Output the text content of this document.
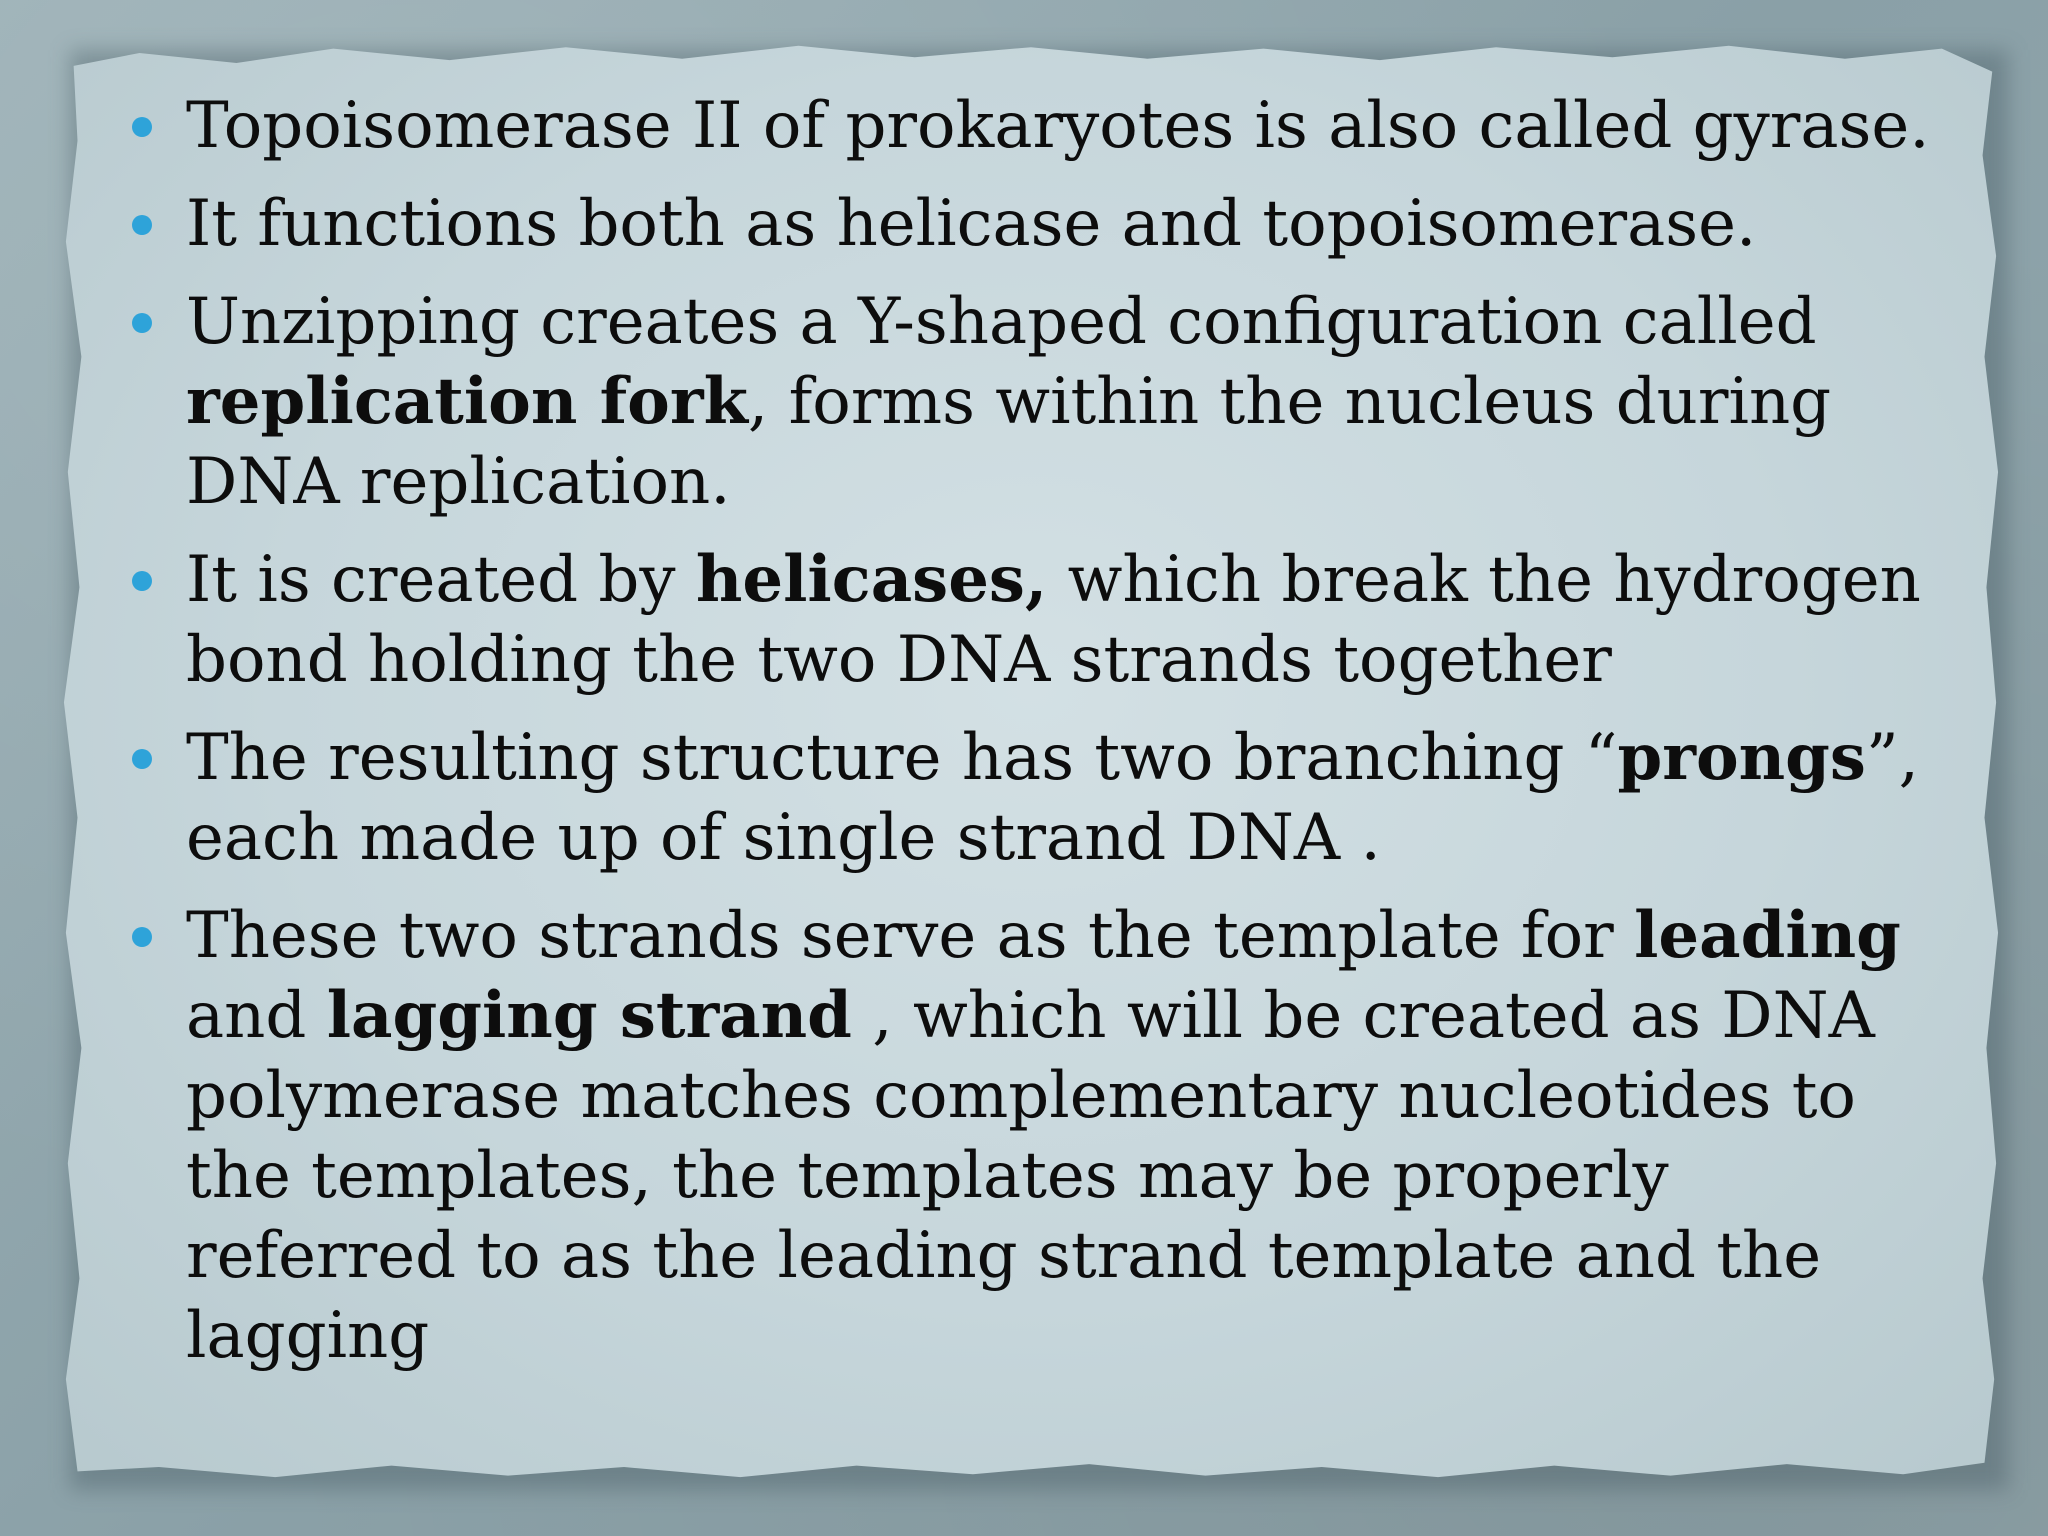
Topoisomerase II of prokaryotes is also called gyrase.
It functions both as helicase and topoisomerase.
Unzipping creates a Y-shaped configuration called replication fork, forms within the nucleus during DNA replication.
It is created by helicases, which break the hydrogen bond holding the two DNA strands together
The resulting structure has two branching “prongs”, each made up of single strand DNA .
These two strands serve as the template for leading and lagging strand , which will be created as DNA polymerase matches complementary nucleotides to the templates, the templates may be properly referred to as the leading strand template and the lagging
